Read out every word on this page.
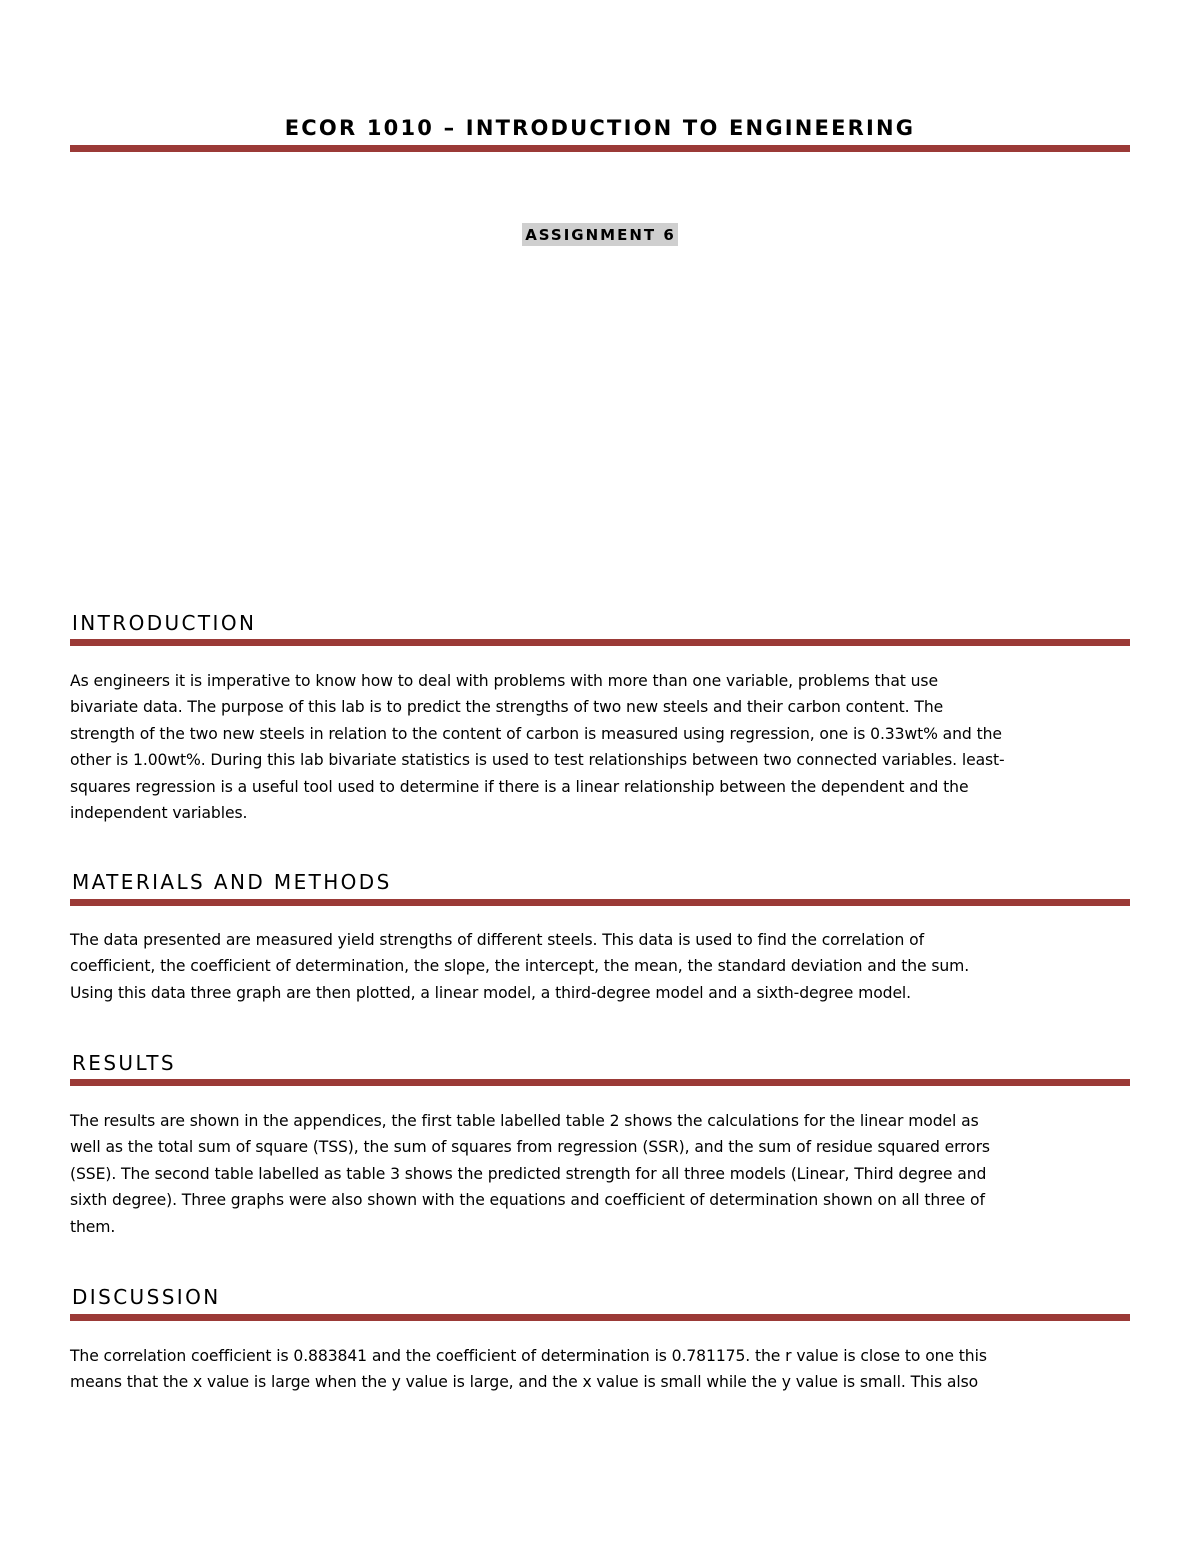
ECOR 1010 – INTRODUCTION TO ENGINEERING
ASSIGNMENT 6
INTRODUCTION
As engineers it is imperative to know how to deal with problems with more than one variable, problems that use
bivariate data. The purpose of this lab is to predict the strengths of two new steels and their carbon content. The
strength of the two new steels in relation to the content of carbon is measured using regression, one is 0.33wt% and the
other is 1.00wt%. During this lab bivariate statistics is used to test relationships between two connected variables. least-
squares regression is a useful tool used to determine if there is a linear relationship between the dependent and the
independent variables.
MATERIALS AND METHODS
The data presented are measured yield strengths of different steels. This data is used to find the correlation of
coefficient, the coefficient of determination, the slope, the intercept, the mean, the standard deviation and the sum.
Using this data three graph are then plotted, a linear model, a third-degree model and a sixth-degree model.
RESULTS
The results are shown in the appendices, the first table labelled table 2 shows the calculations for the linear model as
well as the total sum of square (TSS), the sum of squares from regression (SSR), and the sum of residue squared errors
(SSE). The second table labelled as table 3 shows the predicted strength for all three models (Linear, Third degree and
sixth degree). Three graphs were also shown with the equations and coefficient of determination shown on all three of
them.
DISCUSSION
The correlation coefficient is 0.883841 and the coefficient of determination is 0.781175. the r value is close to one this
means that the x value is large when the y value is large, and the x value is small while the y value is small. This also
